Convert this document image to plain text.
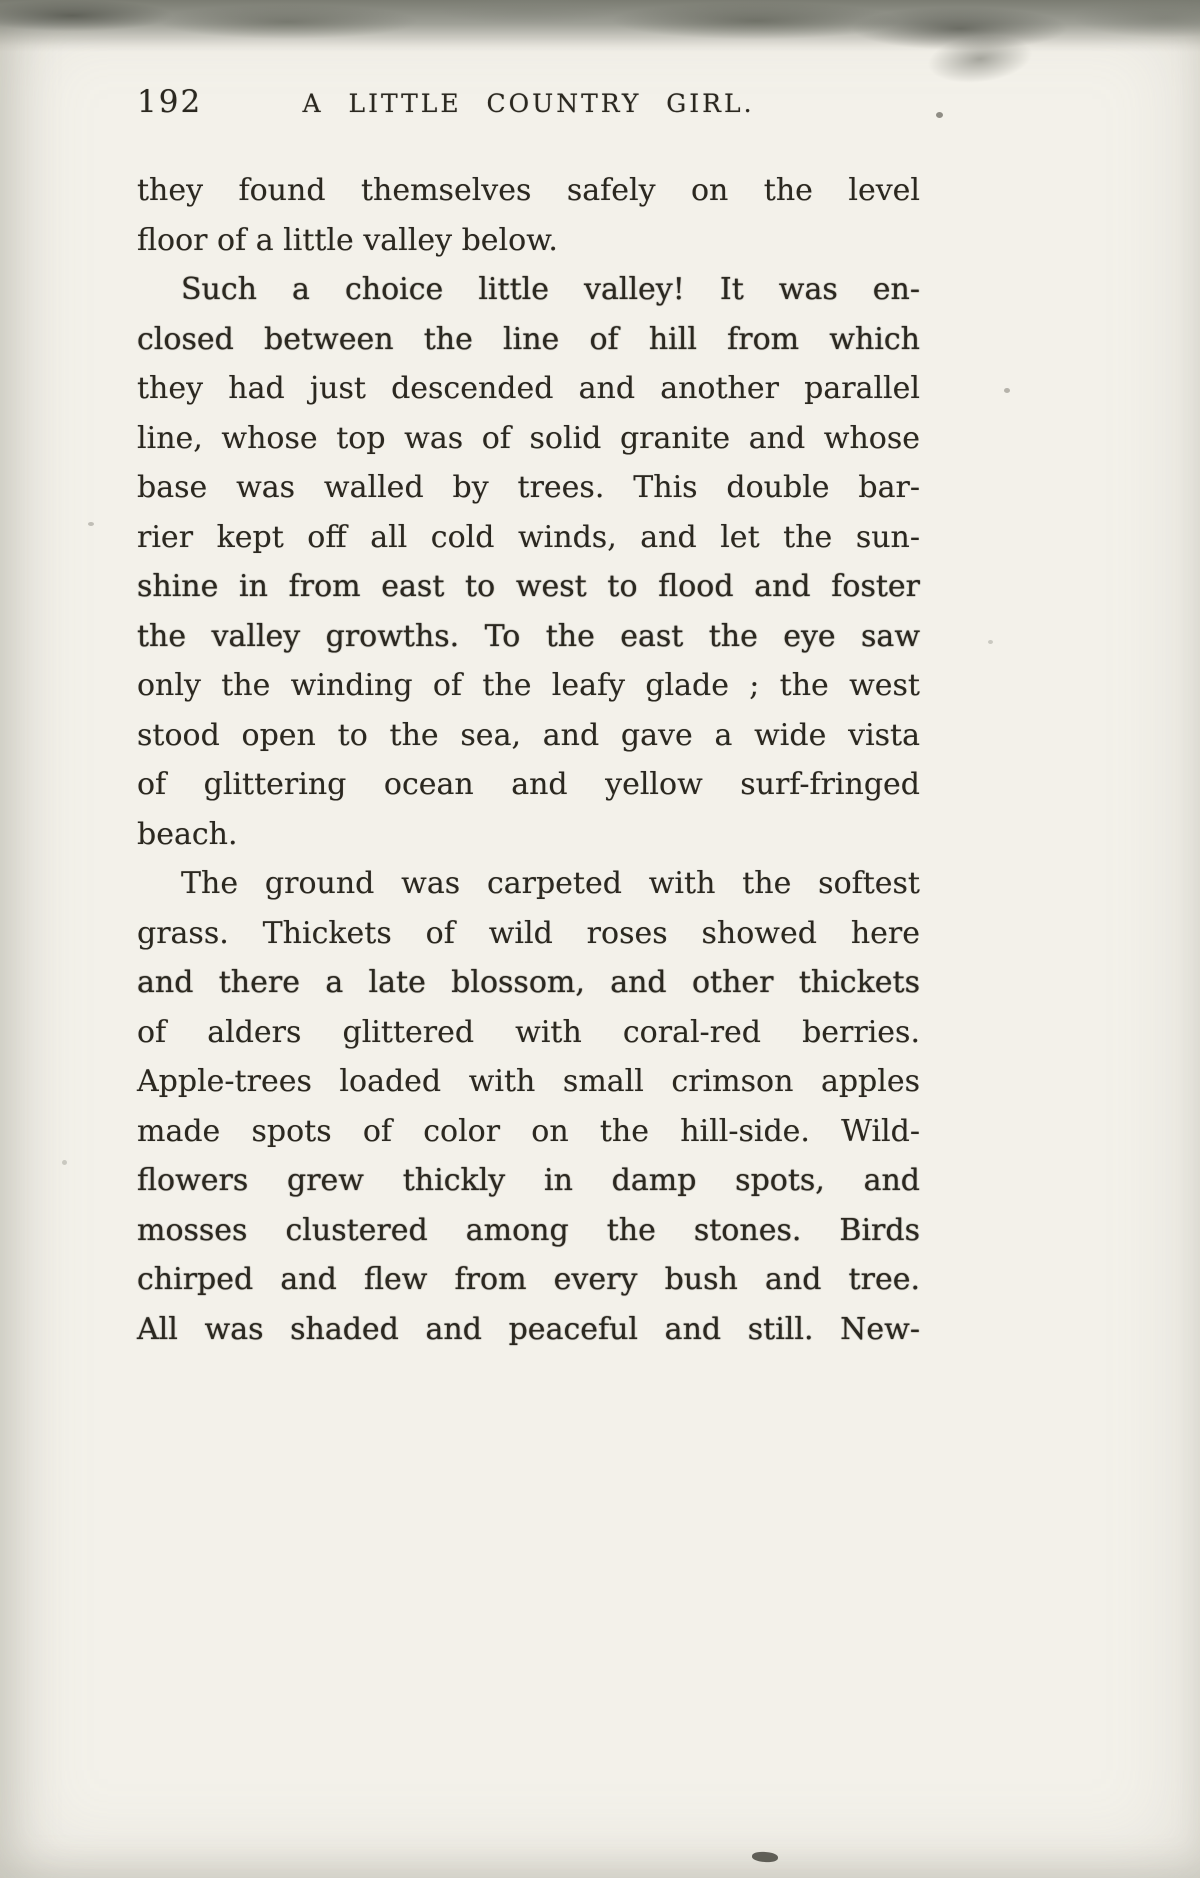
192	A LITTLE COUNTRY GIRL.
they found themselves safely on the level
floor of a little valley below.
Such a choice little valley! It was en-
closed between the line of hill from which
they had just descended and another parallel
line, whose top was of solid granite and whose
base was walled by trees. This double bar-
rier kept off all cold winds, and let the sun-
shine in from east to west to flood and foster
the valley growths. To the east the eye saw
only the winding of the leafy glade ; the west
stood open to the sea, and gave a wide vista
of glittering ocean and yellow surf-fringed
beach.
The ground was carpeted with the softest
grass. Thickets of wild roses showed here
and there a late blossom, and other thickets
of alders glittered with coral-red berries.
Apple-trees loaded with small crimson apples
made spots of color on the hill-side. Wild-
flowers grew thickly in damp spots, and
mosses clustered among the stones. Birds
chirped and flew from every bush and tree.
All was shaded and peaceful and still. New-
